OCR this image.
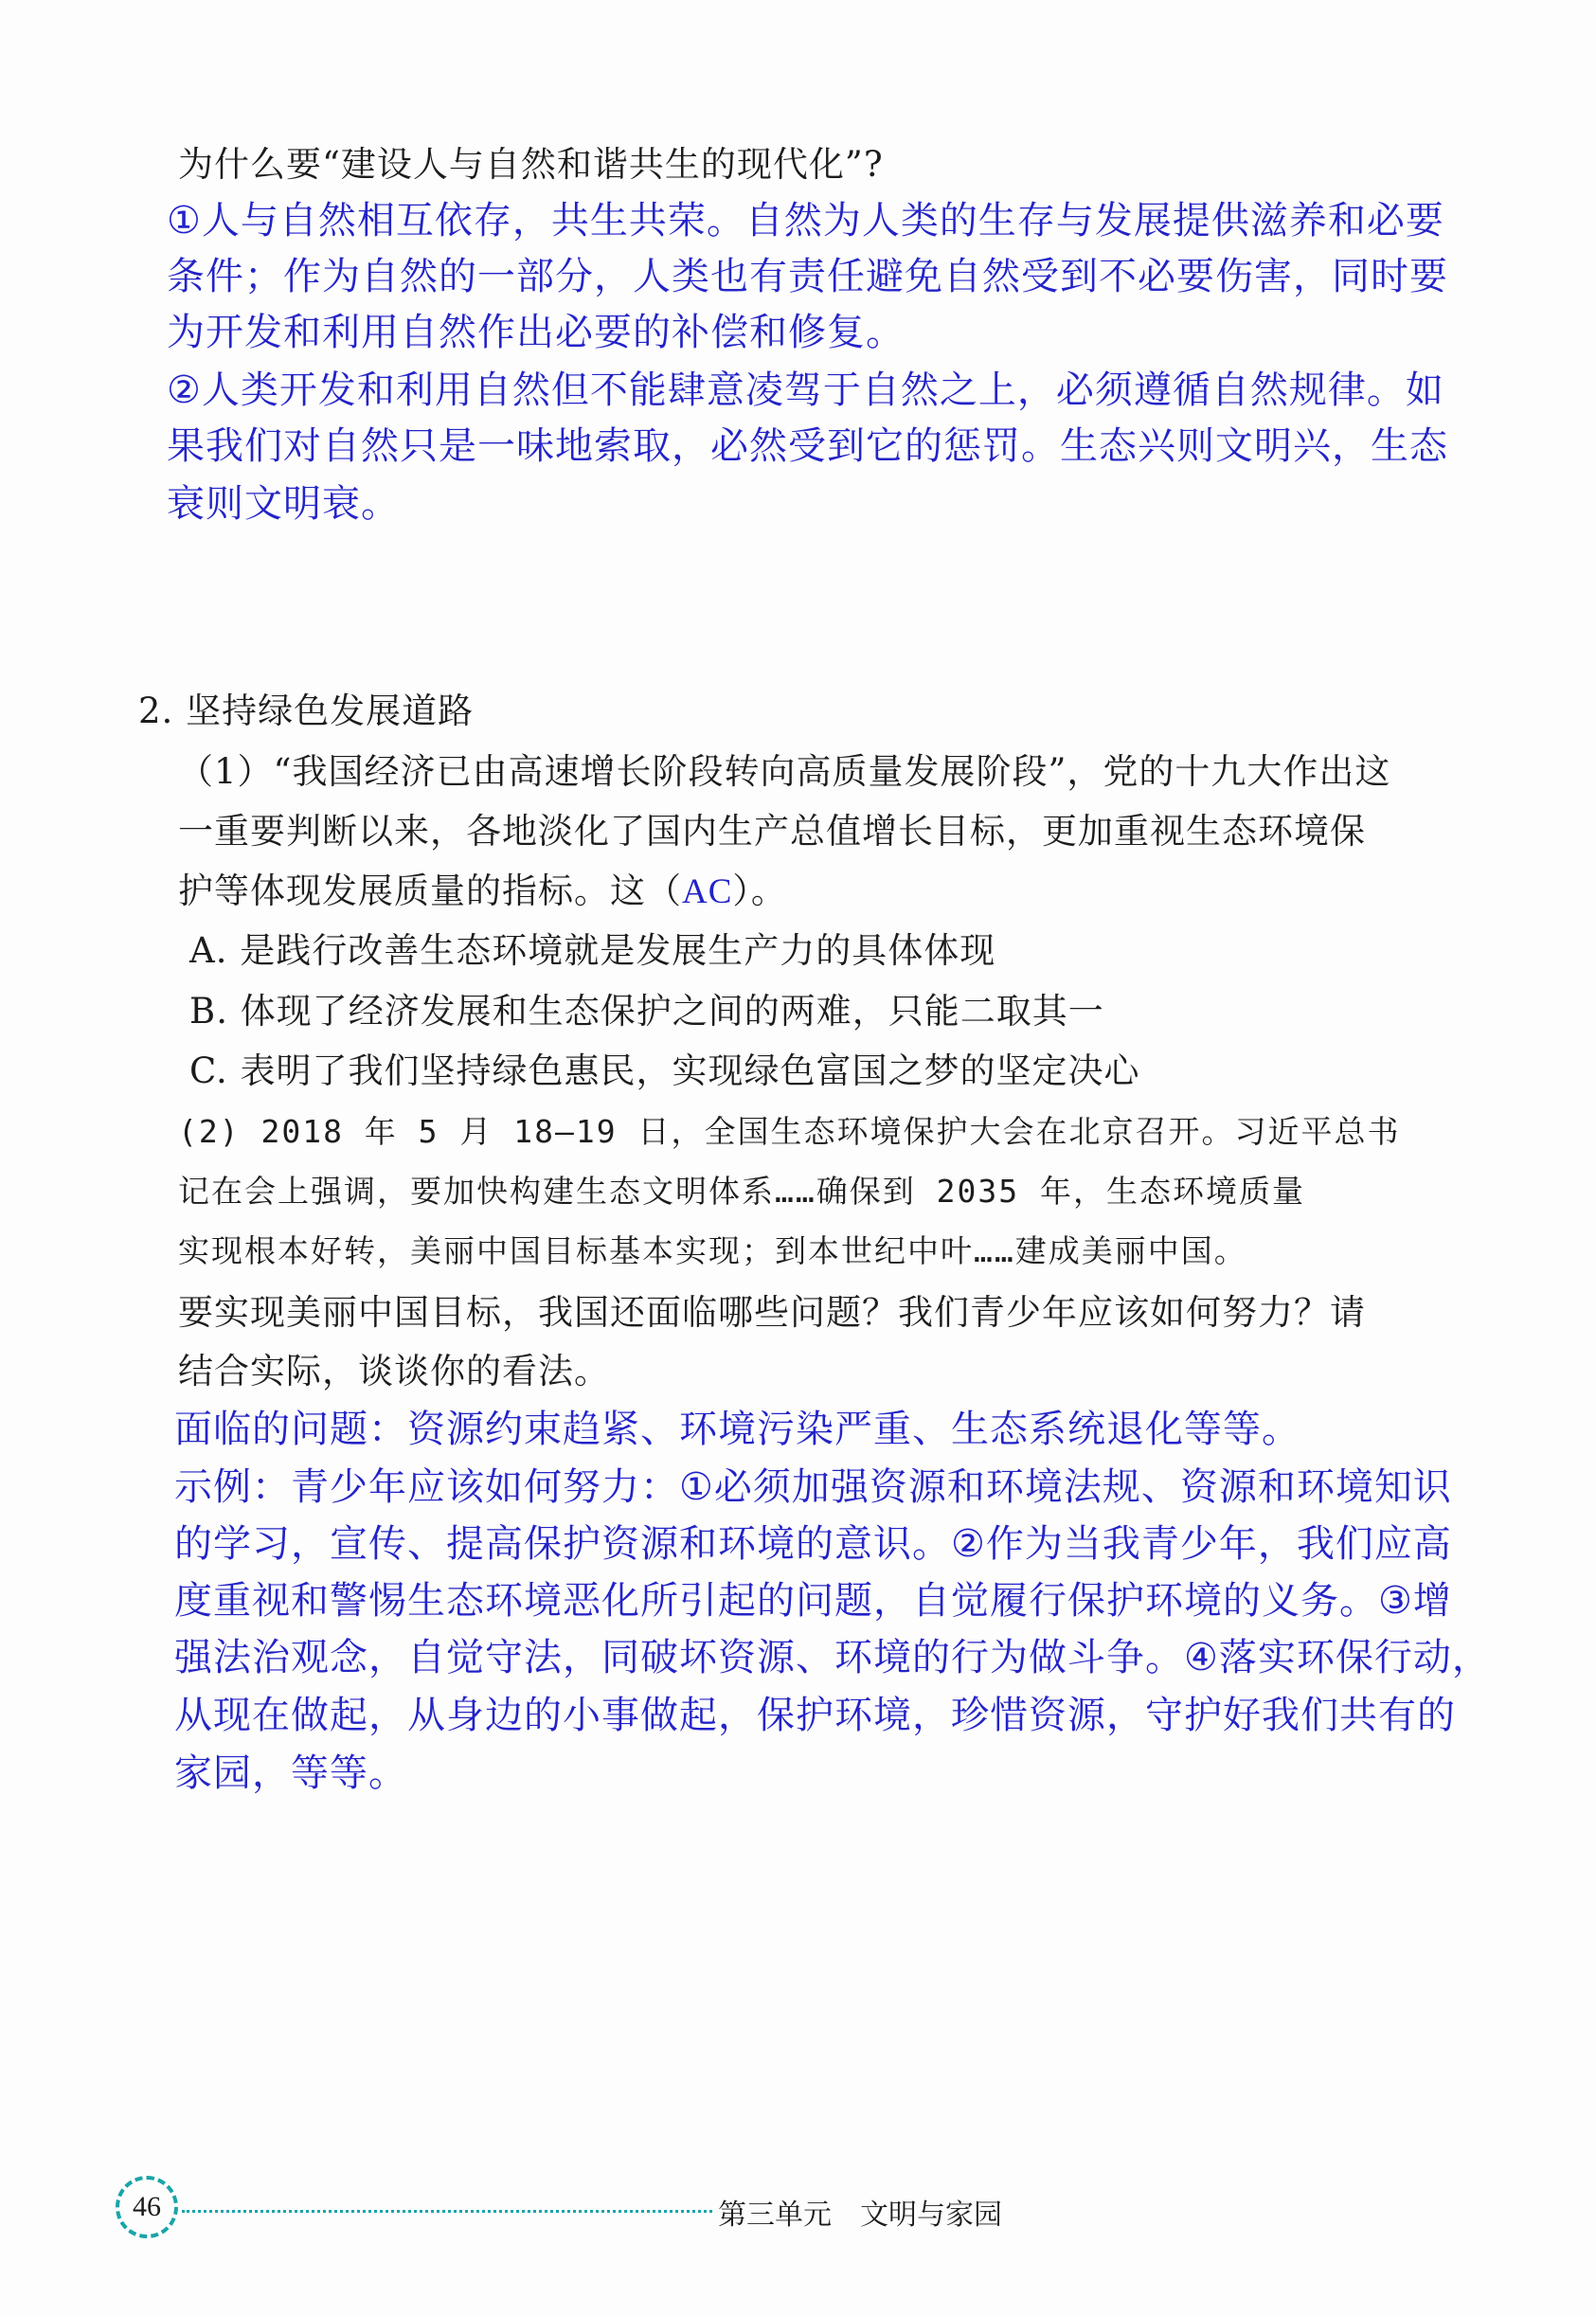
为什么要“建设人与自然和谐共生的现代化”?
①人与自然相互依存，共生共荣。自然为人类的生存与发展提供滋养和必要
条件；作为自然的一部分，人类也有责任避免自然受到不必要伤害，同时要
为开发和利用自然作出必要的补偿和修复。
②人类开发和利用自然但不能肆意凌驾于自然之上，必须遵循自然规律。如
果我们对自然只是一味地索取，必然受到它的惩罚。生态兴则文明兴，生态
衰则文明衰。
2. 坚持绿色发展道路
（1）“我国经济已由高速增长阶段转向高质量发展阶段”，党的十九大作出这
一重要判断以来，各地淡化了国内生产总值增长目标，更加重视生态环境保
护等体现发展质量的指标。这（AC）。
A. 是践行改善生态环境就是发展生产力的具体体现
B. 体现了经济发展和生态保护之间的两难，只能二取其一
C. 表明了我们坚持绿色惠民，实现绿色富国之梦的坚定决心
(2) 2018 年 5 月 18—19 日，全国生态环境保护大会在北京召开。习近平总书
记在会上强调，要加快构建生态文明体系……确保到 2035 年，生态环境质量
实现根本好转，美丽中国目标基本实现；到本世纪中叶……建成美丽中国。
要实现美丽中国目标，我国还面临哪些问题？我们青少年应该如何努力？请
结合实际，谈谈你的看法。
面临的问题：资源约束趋紧、环境污染严重、生态系统退化等等。
示例：青少年应该如何努力：①必须加强资源和环境法规、资源和环境知识
的学习，宣传、提高保护资源和环境的意识。②作为当我青少年，我们应高
度重视和警惕生态环境恶化所引起的问题，自觉履行保护环境的义务。③增
强法治观念，自觉守法，同破坏资源、环境的行为做斗争。④落实环保行动，
从现在做起，从身边的小事做起，保护环境，珍惜资源，守护好我们共有的
家园，等等。
46	第三单元　文明与家园
